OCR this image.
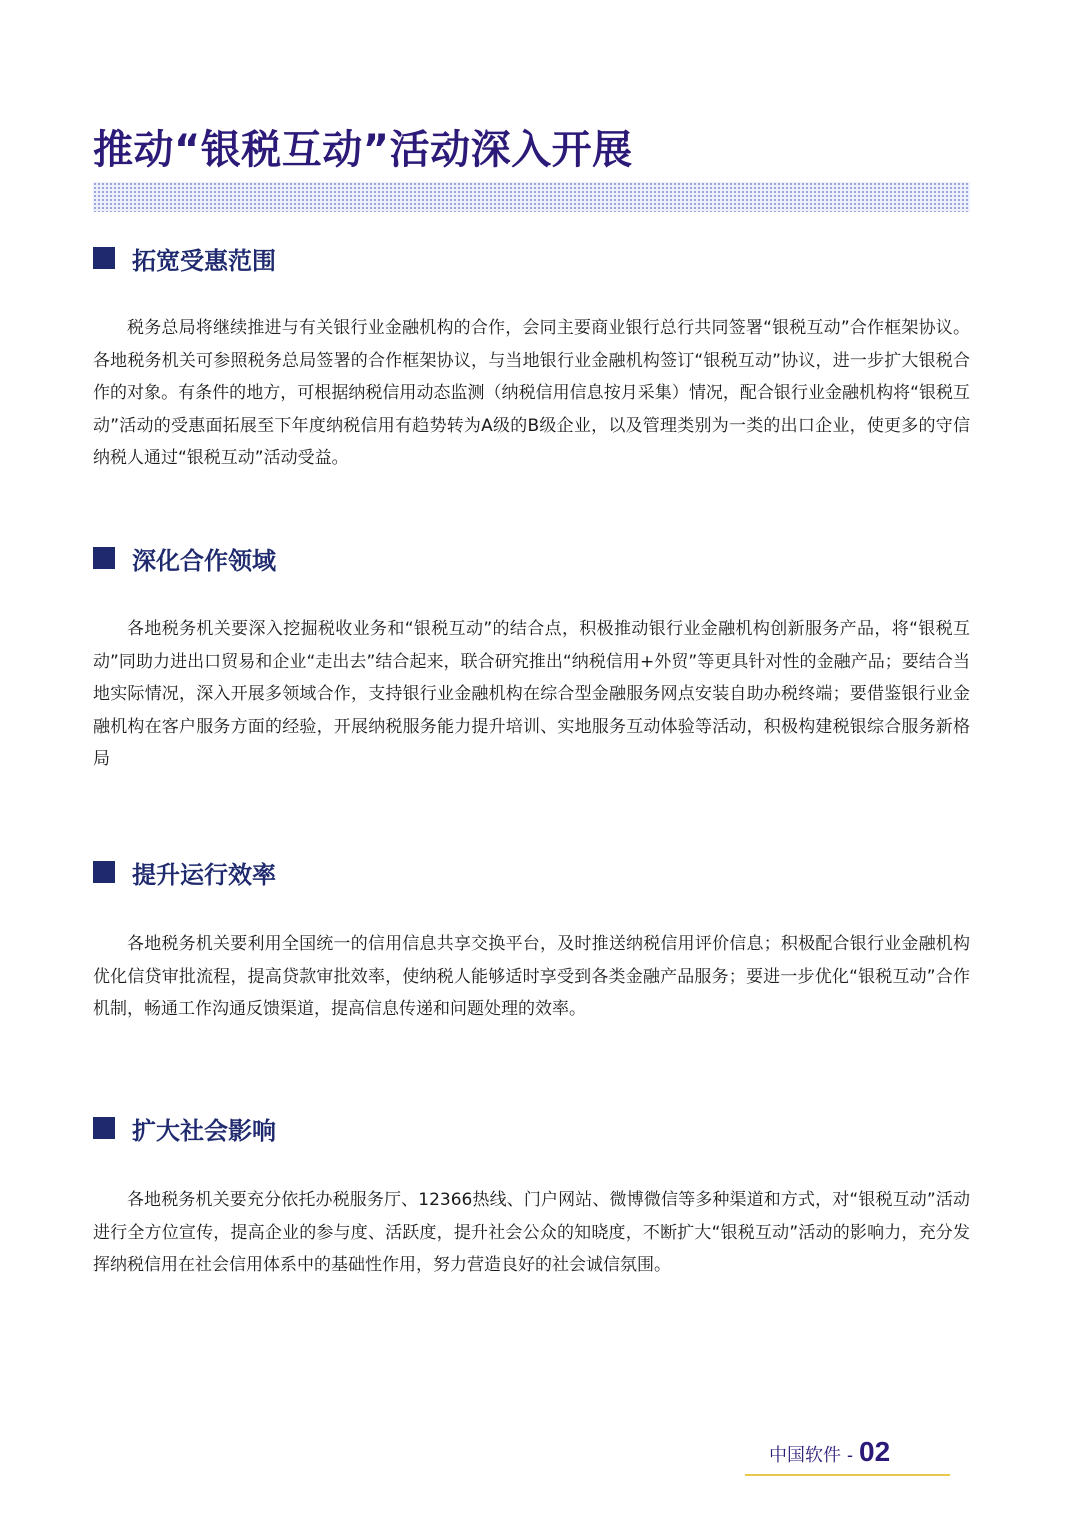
推动“银税互动”活动深入开展
拓宽受惠范围

税务总局将继续推进与有关银行业金融机构的合作，会同主要商业银行总行共同签署“银税互动”合作框架协议。各地税务机关可参照税务总局签署的合作框架协议，与当地银行业金融机构签订“银税互动”协议，进一步扩大银税合作的对象。有条件的地方，可根据纳税信用动态监测（纳税信用信息按月采集）情况，配合银行业金融机构将“银税互动”活动的受惠面拓展至下年度纳税信用有趋势转为A级的B级企业，以及管理类别为一类的出口企业，使更多的守信纳税人通过“银税互动”活动受益。

深化合作领域

各地税务机关要深入挖掘税收业务和“银税互动”的结合点，积极推动银行业金融机构创新服务产品，将“银税互动”同助力进出口贸易和企业“走出去”结合起来，联合研究推出“纳税信用+外贸”等更具针对性的金融产品；要结合当地实际情况，深入开展多领域合作，支持银行业金融机构在综合型金融服务网点安装自助办税终端；要借鉴银行业金融机构在客户服务方面的经验，开展纳税服务能力提升培训、实地服务互动体验等活动，积极构建税银综合服务新格局

提升运行效率

各地税务机关要利用全国统一的信用信息共享交换平台，及时推送纳税信用评价信息；积极配合银行业金融机构优化信贷审批流程，提高贷款审批效率，使纳税人能够适时享受到各类金融产品服务；要进一步优化“银税互动”合作机制，畅通工作沟通反馈渠道，提高信息传递和问题处理的效率。

扩大社会影响

各地税务机关要充分依托办税服务厅、12366热线、门户网站、微博微信等多种渠道和方式，对“银税互动”活动进行全方位宣传，提高企业的参与度、活跃度，提升社会公众的知晓度，不断扩大“银税互动”活动的影响力，充分发挥纳税信用在社会信用体系中的基础性作用，努力营造良好的社会诚信氛围。

中国软件 - 02
